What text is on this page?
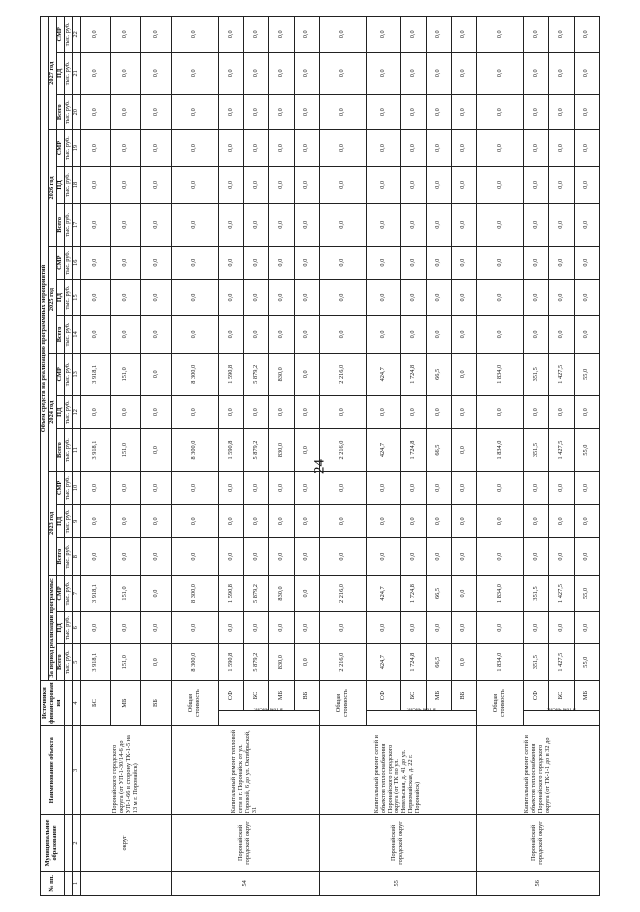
24
№ пп.	Муниципальное образование	Наименование объекта	Источники финансирования		Объем средств на реализацию программных мероприятий																	
					За период реализации программы:			2023 год			2024 год			2025 год			2026 год			2027 год		
					Всего	ПД	СМР	Всего	ПД	СМР	Всего	ПД	СМР	Всего	ПД	СМР	Всего	ПД	СМР	Всего	ПД	СМР
					тыс. руб.	тыс. руб.	тыс. руб.	тыс. руб.	тыс. руб.	тыс. руб.	тыс. руб.	тыс. руб.	тыс. руб.	тыс. руб.	тыс. руб.	тыс. руб.	тыс. руб.	тыс. руб.	тыс. руб.	тыс. руб.	тыс. руб.	тыс. руб.
1	2	3	4		5	6	7	8	9	10	11	12	13	14	15	16	17	18	19	20	21	22
	округ	Поронайского городского округа (от УП-1-30/14-6 до УП-1-66 в сторону ТК-1-5 на 13 м г. Поронайск)	БС		3 918,1	0,0	3 918,1	0,0	0,0	0,0	3 918,1	0,0	3 918,1	0,0	0,0	0,0	0,0	0,0	0,0	0,0	0,0	0,0
			МБ		151,0	0,0	151,0	0,0	0,0	0,0	151,0	0,0	151,0	0,0	0,0	0,0	0,0	0,0	0,0	0,0	0,0	0,0
			ВБ		0,0	0,0	0,0	0,0	0,0	0,0	0,0	0,0	0,0	0,0	0,0	0,0	0,0	0,0	0,0	0,0	0,0	0,0
54	Поронайский городской округ	Капитальный ремонт тепловой сети в г. Поронайск от ул. Горовой, 6 до ул. Октябрьской, 31	Общая стоимость		8 300,0	0,0	8 300,0	0,0	0,0	0,0	8 300,0	0,0	8 300,0	0,0	0,0	0,0	0,0	0,0	0,0	0,0	0,0	0,0
			в том числе:	СФ	1 590,8	0,0	1 590,8	0,0	0,0	0,0	1 590,8	0,0	1 590,8	0,0	0,0	0,0	0,0	0,0	0,0	0,0	0,0	0,0
				БС	5 879,2	0,0	5 879,2	0,0	0,0	0,0	5 879,2	0,0	5 879,2	0,0	0,0	0,0	0,0	0,0	0,0	0,0	0,0	0,0
				МБ	830,0	0,0	830,0	0,0	0,0	0,0	830,0	0,0	830,0	0,0	0,0	0,0	0,0	0,0	0,0	0,0	0,0	0,0
				ВБ	0,0	0,0	0,0	0,0	0,0	0,0	0,0	0,0	0,0	0,0	0,0	0,0	0,0	0,0	0,0	0,0	0,0	0,0
55	Поронайский городской округ	Капитальный ремонт сетей и объектов теплоснабжения Поронайского городского округа (от ТК по ул. Невельская, д. 41 до ул. Первомайская, д. 22 г. Поронайск)	Общая стоимость		2 216,0	0,0	2 216,0	0,0	0,0	0,0	2 216,0	0,0	2 216,0	0,0	0,0	0,0	0,0	0,0	0,0	0,0	0,0	0,0
			в том числе:	СФ	424,7	0,0	424,7	0,0	0,0	0,0	424,7	0,0	424,7	0,0	0,0	0,0	0,0	0,0	0,0	0,0	0,0	0,0
				БС	1 724,8	0,0	1 724,8	0,0	0,0	0,0	1 724,8	0,0	1 724,8	0,0	0,0	0,0	0,0	0,0	0,0	0,0	0,0	0,0
				МБ	66,5	0,0	66,5	0,0	0,0	0,0	66,5	0,0	66,5	0,0	0,0	0,0	0,0	0,0	0,0	0,0	0,0	0,0
				ВБ	0,0	0,0	0,0	0,0	0,0	0,0	0,0	0,0	0,0	0,0	0,0	0,0	0,0	0,0	0,0	0,0	0,0	0,0
56	Поронайский городской округ	Капитальный ремонт сетей и объектов теплоснабжения Поронайского городского округа (от ТК-1-1 до в 32 до	Общая стоимость		1 834,0	0,0	1 834,0	0,0	0,0	0,0	1 834,0	0,0	1 834,0	0,0	0,0	0,0	0,0	0,0	0,0	0,0	0,0	0,0
			в том числе:	СФ	351,5	0,0	351,5	0,0	0,0	0,0	351,5	0,0	351,5	0,0	0,0	0,0	0,0	0,0	0,0	0,0	0,0	0,0
				БС	1 427,5	0,0	1 427,5	0,0	0,0	0,0	1 427,5	0,0	1 427,5	0,0	0,0	0,0	0,0	0,0	0,0	0,0	0,0	0,0
				МБ	55,0	0,0	55,0	0,0	0,0	0,0	55,0	0,0	55,0	0,0	0,0	0,0	0,0	0,0	0,0	0,0	0,0	0,0
